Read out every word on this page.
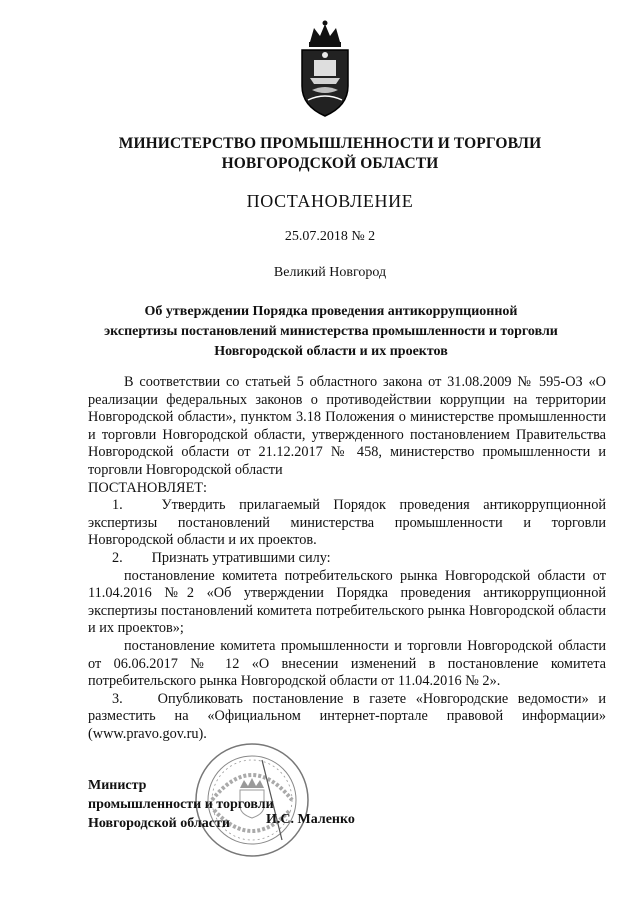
МИНИСТЕРСТВО ПРОМЫШЛЕННОСТИ И ТОРГОВЛИ
НОВГОРОДСКОЙ ОБЛАСТИ
ПОСТАНОВЛЕНИЕ
25.07.2018 № 2
Великий Новгород
Об утверждении Порядка проведения антикоррупционной
экспертизы постановлений министерства промышленности и торговли
Новгородской области и их проектов

В соответствии со статьей 5 областного закона от 31.08.2009 № 595-ОЗ «О реализации федеральных законов о противодействии коррупции на территории Новгородской области», пунктом 3.18 Положения о министерстве промышленности и торговли Новгородской области, утвержденного постановлением Правительства Новгородской области от 21.12.2017 № 458, министерство промышленности и торговли Новгородской области

ПОСТАНОВЛЯЕТ:

1.	Утвердить прилагаемый Порядок проведения антикоррупционной экспертизы постановлений министерства промышленности и торговли Новгородской области и их проектов.

2. Признать утратившими силу:

постановление комитета потребительского рынка Новгородской области от 11.04.2016 №2 «Об утверждении Порядка проведения антикоррупционной экспертизы постановлений комитета потребительского рынка Новгородской области и их проектов»;

постановление комитета промышленности и торговли Новгородской области от 06.06.2017 № 12 «О внесении изменений в постановление комитета потребительского рынка Новгородской области от 11.04.2016 № 2».

3. Опубликовать постановление в газете «Новгородские ведомости» и разместить на «Официальном интернет-портале правовой информации» (www.pravo.gov.ru).

Министр
промышленности и торговли
Новгородской области	И.С. Маленко
